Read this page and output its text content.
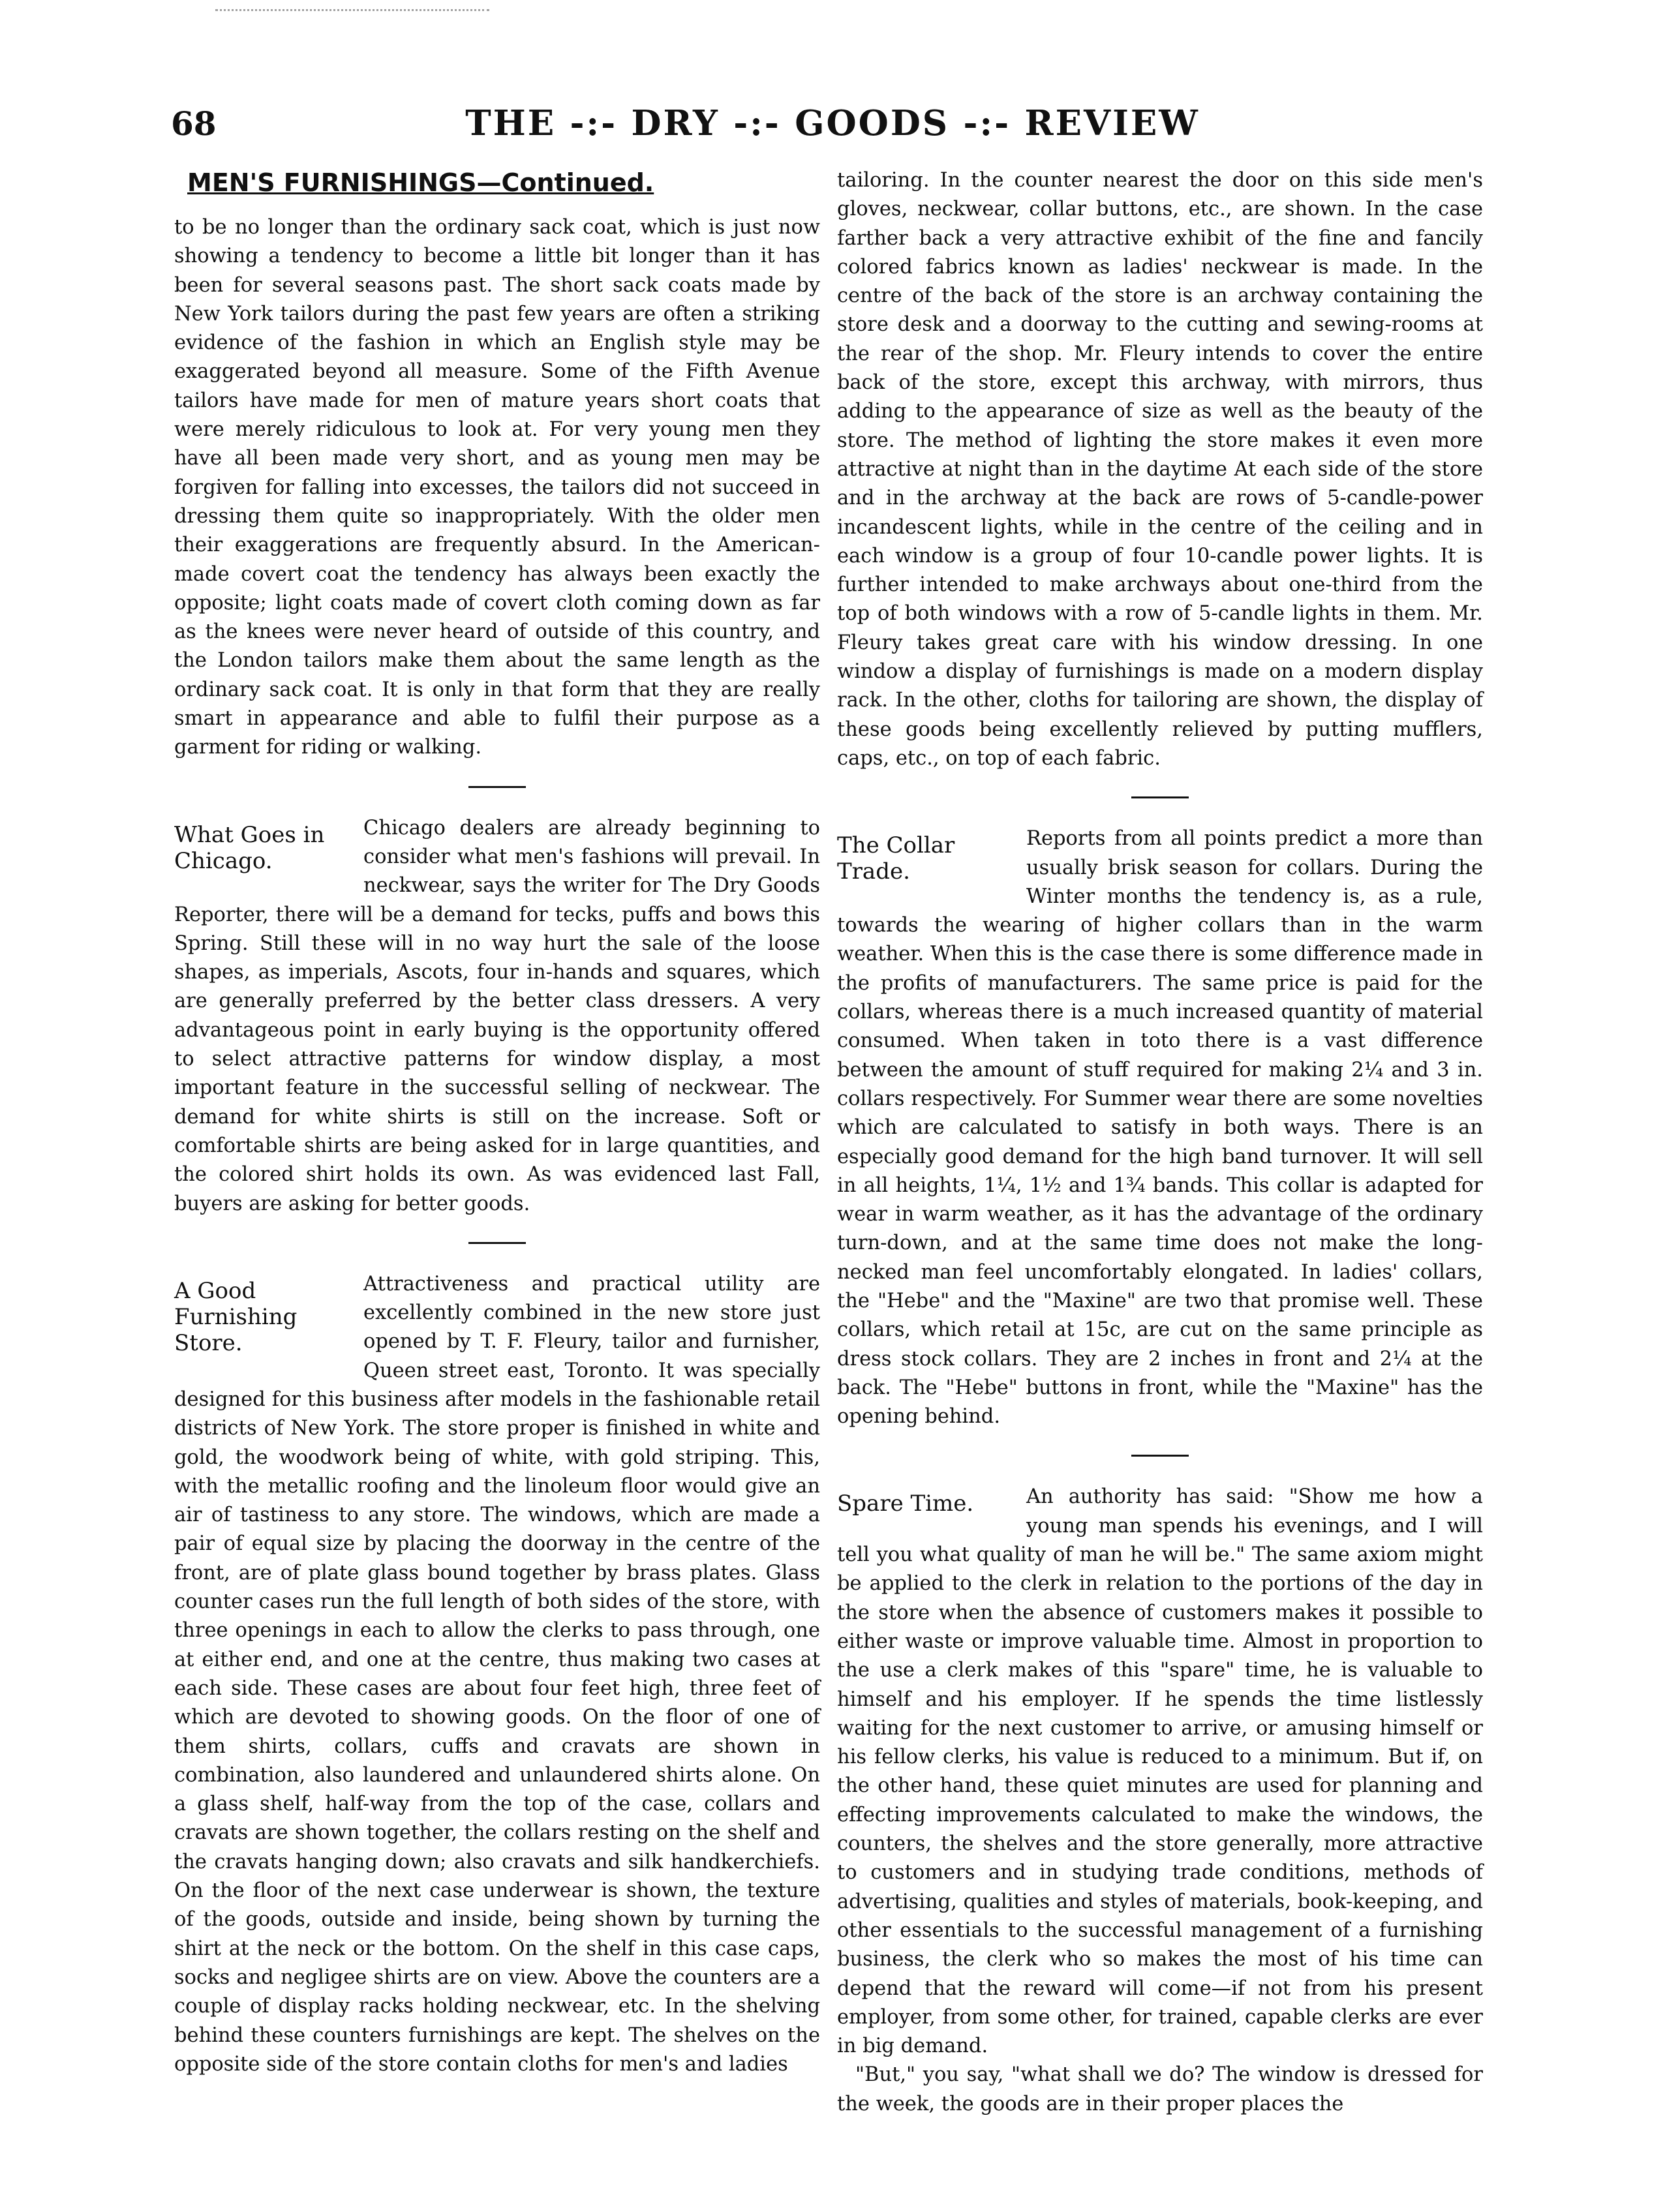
68	THE -:- DRY -:- GOODS -:- REVIEW
MEN'S FURNISHINGS—Continued.

to be no longer than the ordinary sack coat, which is just now showing a tendency to become a little bit longer than it has been for several seasons past. The short sack coats made by New York tailors during the past few years are often a striking evidence of the fashion in which an English style may be exaggerated beyond all measure. Some of the Fifth Avenue tailors have made for men of mature years short coats that were merely ridiculous to look at. For very young men they have all been made very short, and as young men may be forgiven for falling into excesses, the tailors did not succeed in dressing them quite so inappropriately. With the older men their exaggerations are frequently absurd. In the American-made covert coat the tendency has always been exactly the opposite; light coats made of covert cloth coming down as far as the knees were never heard of outside of this country, and the London tailors make them about the same length as the ordinary sack coat. It is only in that form that they are really smart in appearance and able to fulfil their purpose as a garment for riding or walking.

What Goes in Chicago.

Chicago dealers are already beginning to consider what men's fashions will prevail. In neckwear, says the writer for The Dry Goods Reporter, there will be a demand for tecks, puffs and bows this Spring. Still these will in no way hurt the sale of the loose shapes, as imperials, Ascots, four in-hands and squares, which are generally preferred by the better class dressers. A very advantageous point in early buying is the opportunity offered to select attractive patterns for window display, a most important feature in the successful selling of neckwear. The demand for white shirts is still on the increase. Soft or comfortable shirts are being asked for in large quantities, and the colored shirt holds its own. As was evidenced last Fall, buyers are asking for better goods.

A Good Furnishing Store.

Attractiveness and practical utility are excellently combined in the new store just opened by T. F. Fleury, tailor and furnisher, Queen street east, Toronto. It was specially designed for this business after models in the fashionable retail districts of New York. The store proper is finished in white and gold, the woodwork being of white, with gold striping. This, with the metallic roofing and the linoleum floor would give an air of tastiness to any store. The windows, which are made a pair of equal size by placing the doorway in the centre of the front, are of plate glass bound together by brass plates. Glass counter cases run the full length of both sides of the store, with three openings in each to allow the clerks to pass through, one at either end, and one at the centre, thus making two cases at each side. These cases are about four feet high, three feet of which are devoted to showing goods. On the floor of one of them shirts, collars, cuffs and cravats are shown in combination, also laundered and unlaundered shirts alone. On a glass shelf, half-way from the top of the case, collars and cravats are shown together, the collars resting on the shelf and the cravats hanging down; also cravats and silk handkerchiefs. On the floor of the next case underwear is shown, the texture of the goods, outside and inside, being shown by turning the shirt at the neck or the bottom. On the shelf in this case caps, socks and negligee shirts are on view. Above the counters are a couple of display racks holding neckwear, etc. In the shelving behind these counters furnishings are kept. The shelves on the opposite side of the store contain cloths for men's and ladies

tailoring. In the counter nearest the door on this side men's gloves, neckwear, collar buttons, etc., are shown. In the case farther back a very attractive exhibit of the fine and fancily colored fabrics known as ladies' neckwear is made. In the centre of the back of the store is an archway containing the store desk and a doorway to the cutting and sewing-rooms at the rear of the shop. Mr. Fleury intends to cover the entire back of the store, except this archway, with mirrors, thus adding to the appearance of size as well as the beauty of the store. The method of lighting the store makes it even more attractive at night than in the daytime At each side of the store and in the archway at the back are rows of 5-candle-power incandescent lights, while in the centre of the ceiling and in each window is a group of four 10-candle power lights. It is further intended to make archways about one-third from the top of both windows with a row of 5-candle lights in them. Mr. Fleury takes great care with his window dressing. In one window a display of furnishings is made on a modern display rack. In the other, cloths for tailoring are shown, the display of these goods being excellently relieved by putting mufflers, caps, etc., on top of each fabric.

The Collar Trade.

Reports from all points predict a more than usually brisk season for collars. During the Winter months the tendency is, as a rule, towards the wearing of higher collars than in the warm weather. When this is the case there is some difference made in the profits of manufacturers. The same price is paid for the collars, whereas there is a much increased quantity of material consumed. When taken in toto there is a vast difference between the amount of stuff required for making 2¼ and 3 in. collars respectively. For Summer wear there are some novelties which are calculated to satisfy in both ways. There is an especially good demand for the high band turnover. It will sell in all heights, 1¼, 1½ and 1¾ bands. This collar is adapted for wear in warm weather, as it has the advantage of the ordinary turn-down, and at the same time does not make the long-necked man feel uncomfortably elongated. In ladies' collars, the "Hebe" and the "Maxine" are two that promise well. These collars, which retail at 15c, are cut on the same principle as dress stock collars. They are 2 inches in front and 2¼ at the back. The "Hebe" buttons in front, while the "Maxine" has the opening behind.

Spare Time.	An authority has said: "Show me how a young man spends his evenings, and I will tell you what quality of man he will be." The same axiom might be applied to the clerk in relation to the portions of the day in the store when the absence of customers makes it possible to either waste or improve valuable time. Almost in proportion to the use a clerk makes of this "spare" time, he is valuable to himself and his employer. If he spends the time listlessly waiting for the next customer to arrive, or amusing himself or his fellow clerks, his value is reduced to a minimum. But if, on the other hand, these quiet minutes are used for planning and effecting improvements calculated to make the windows, the counters, the shelves and the store generally, more attractive to customers and in studying trade conditions, methods of advertising, qualities and styles of materials, book-keeping, and other essentials to the successful management of a furnishing business, the clerk who so makes the most of his time can depend that the reward will come—if not from his present employer, from some other, for trained, capable clerks are ever in big demand.

"But," you say, "what shall we do? The window is dressed for the week, the goods are in their proper places the
